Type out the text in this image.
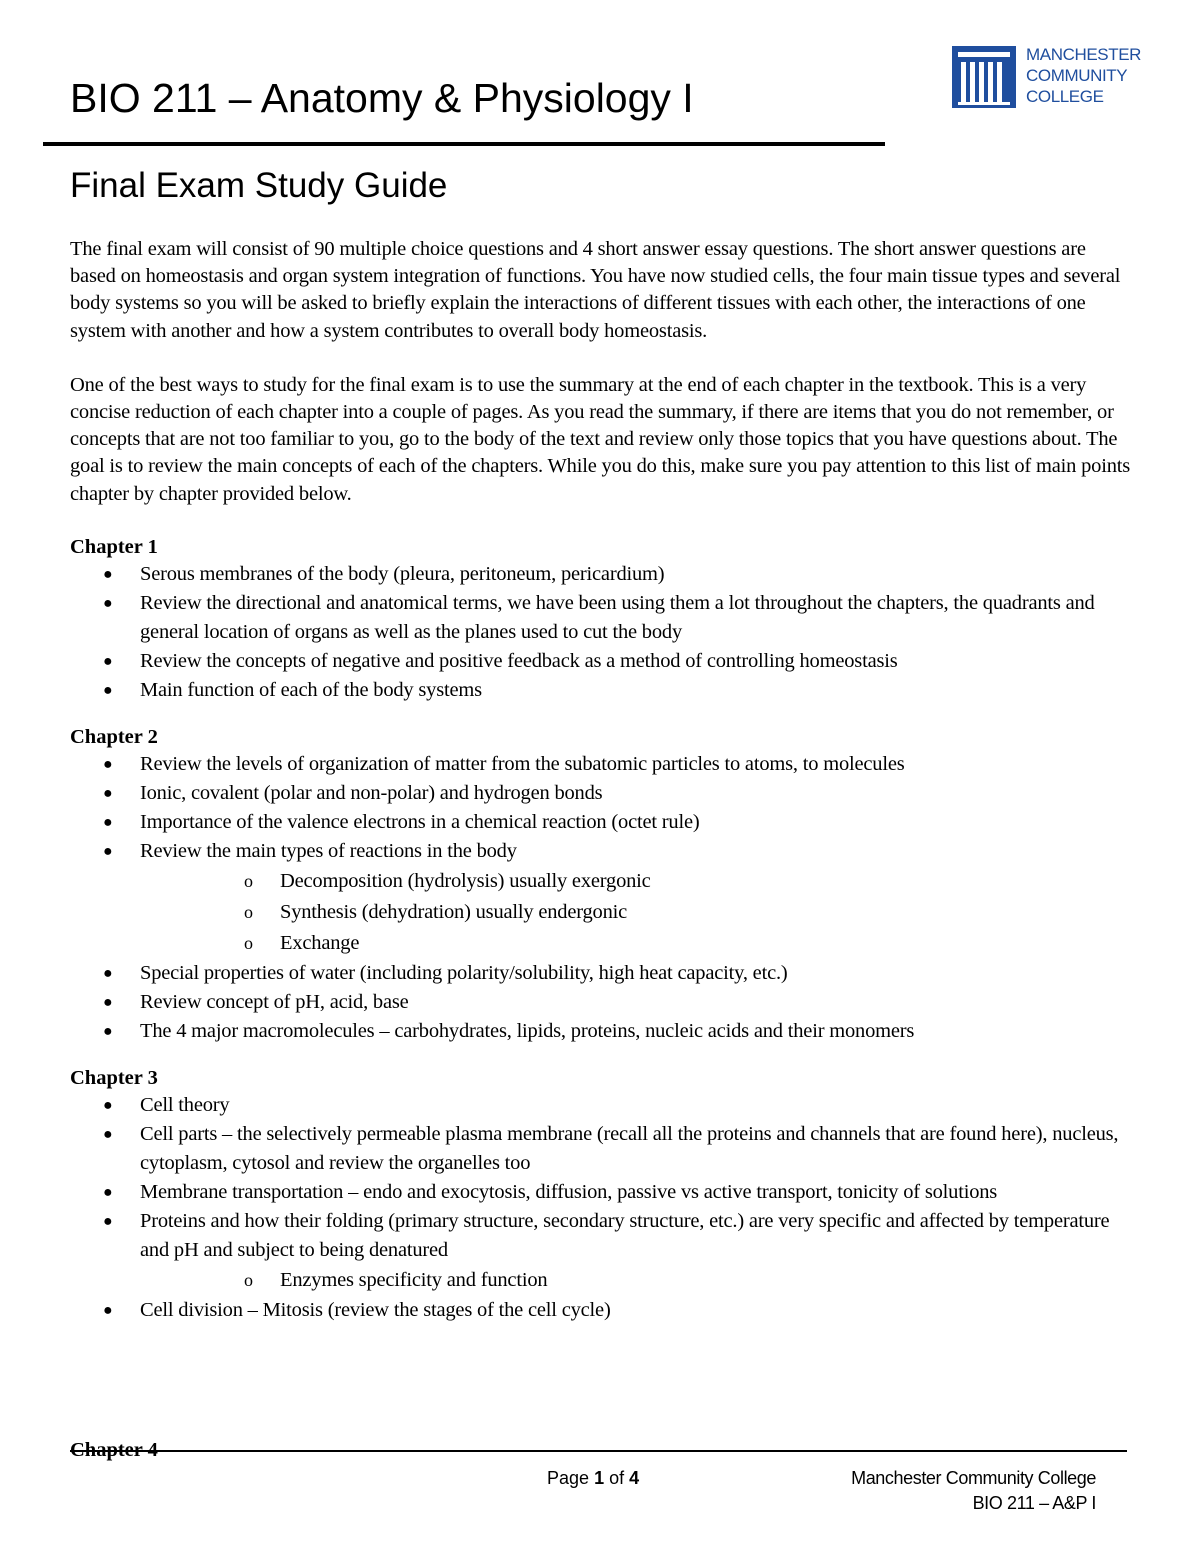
BIO 211 – Anatomy & Physiology I
MANCHESTER
COMMUNITY
COLLEGE
Final Exam Study Guide

The final exam will consist of 90 multiple choice questions and 4 short answer essay questions. The short answer questions are based on homeostasis and organ system integration of functions. You have now studied cells, the four main tissue types and several body systems so you will be asked to briefly explain the interactions of different tissues with each other, the interactions of one system with another and how a system contributes to overall body homeostasis.

One of the best ways to study for the final exam is to use the summary at the end of each chapter in the textbook. This is a very concise reduction of each chapter into a couple of pages. As you read the summary, if there are items that you do not remember, or concepts that are not too familiar to you, go to the body of the text and review only those topics that you have questions about. The goal is to review the main concepts of each of the chapters. While you do this, make sure you pay attention to this list of main points chapter by chapter provided below.

Chapter 1
● Serous membranes of the body (pleura, peritoneum, pericardium)
● Review the directional and anatomical terms, we have been using them a lot throughout the chapters, the quadrants and general location of organs as well as the planes used to cut the body
● Review the concepts of negative and positive feedback as a method of controlling homeostasis
● Main function of each of the body systems
Chapter 2
● Review the levels of organization of matter from the subatomic particles to atoms, to molecules
● Ionic, covalent (polar and non-polar) and hydrogen bonds
● Importance of the valence electrons in a chemical reaction (octet rule)
● Review the main types of reactions in the body
o Decomposition (hydrolysis) usually exergonic
o Synthesis (dehydration) usually endergonic
o Exchange
● Special properties of water (including polarity/solubility, high heat capacity, etc.)
● Review concept of pH, acid, base
● The 4 major macromolecules – carbohydrates, lipids, proteins, nucleic acids and their monomers
Chapter 3
● Cell theory
● Cell parts – the selectively permeable plasma membrane (recall all the proteins and channels that are found here), nucleus, cytoplasm, cytosol and review the organelles too
● Membrane transportation – endo and exocytosis, diffusion, passive vs active transport, tonicity of solutions
● Proteins and how their folding (primary structure, secondary structure, etc.) are very specific and affected by temperature and pH and subject to being denatured
o Enzymes specificity and function
● Cell division – Mitosis (review the stages of the cell cycle)
Chapter 4
Page 1 of 4	Manchester Community College
BIO 211 – A&P I
